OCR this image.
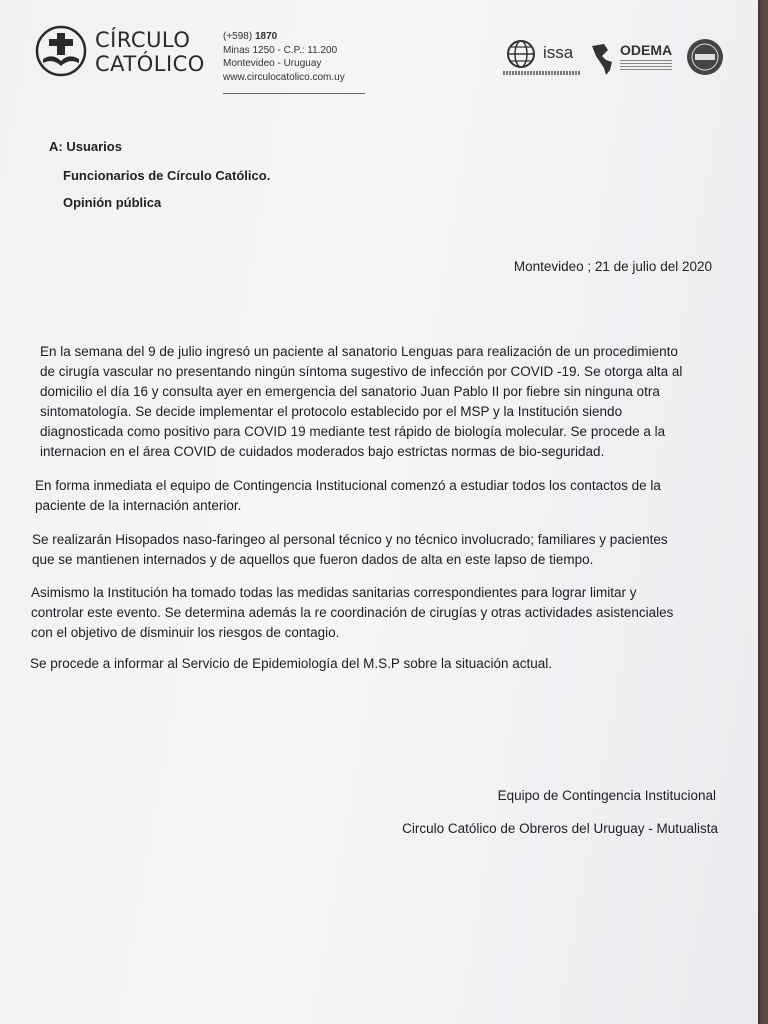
CÍRCULO
CATÓLICO
(+598) 1870
Minas 1250 - C.P.: 11.200
Montevideo - Uruguay
www.circulocatolico.com.uy
issa	ODEMA
A: Usuarios
Funcionarios de Círculo Católico.
Opinión pública
Montevideo ; 21 de julio del 2020
En la semana del 9 de julio ingresó un paciente al sanatorio Lenguas para realización de un procedimiento
de cirugía vascular no presentando ningún síntoma sugestivo de infección por COVID -19. Se otorga alta al
domicilio el día 16 y consulta ayer en emergencia del sanatorio Juan Pablo II por fiebre sin ninguna otra
sintomatología. Se decide implementar el protocolo establecido por el MSP y la Institución siendo
diagnosticada como positivo para COVID 19 mediante test rápido de biología molecular. Se procede a la
internacion en el área COVID de cuidados moderados bajo estrictas normas de bio-seguridad.
En forma inmediata el equipo de Contingencia Institucional comenzó a estudiar todos los contactos de la
paciente de la internación anterior.
Se realizarán Hisopados naso-faringeo al personal técnico y no técnico involucrado; familiares y pacientes
que se mantienen internados y de aquellos que fueron dados de alta en este lapso de tiempo.
Asimismo la Institución ha tomado todas las medidas sanitarias correspondientes para lograr limitar y
controlar este evento. Se determina además la re coordinación de cirugías y otras actividades asistenciales
con el objetivo de disminuir los riesgos de contagio.
Se procede a informar al Servicio de Epidemiología del M.S.P sobre la situación actual.
Equipo de Contingencia Institucional
Circulo Católico de Obreros del Uruguay - Mutualista
